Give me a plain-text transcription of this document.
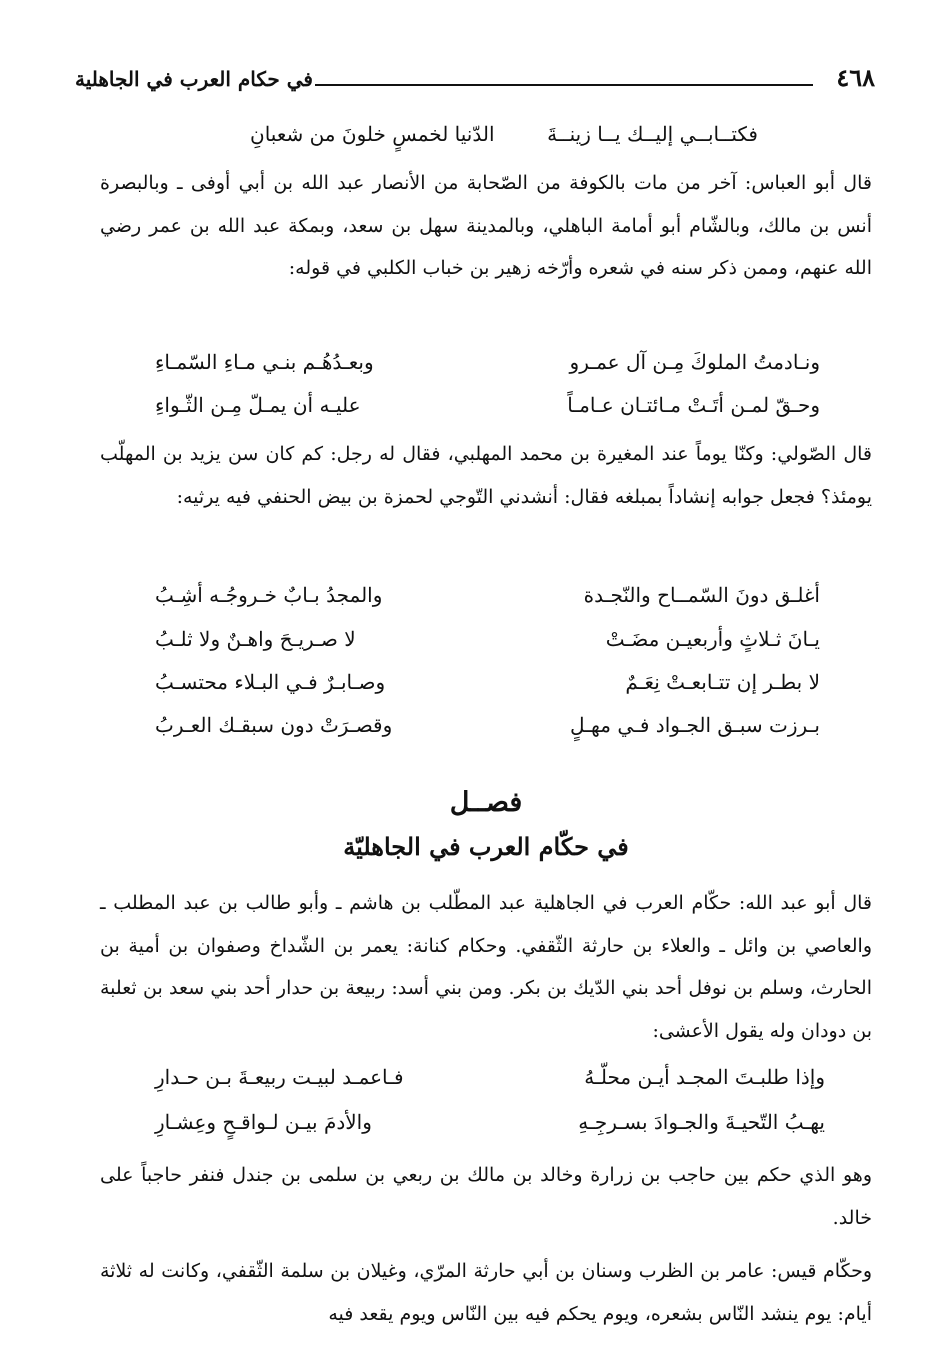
٤٦٨
في حكام العرب في الجاهلية
فكتــابــي إليــك يــا زينــةَ
الدّنيا لخمسٍ خلونَ من شعبانِ

قال أبو العباس: آخر من مات بالكوفة من الصّحابة من الأنصار عبد الله بن أبي أوفى ـ وبالبصرة أنس بن مالك، وبالشّام أبو أمامة الباهلي، وبالمدينة سهل بن سعد، وبمكة عبد الله بن عمر رضي الله عنهم، وممن ذكر سنه في شعره وأرّخه زهير بن خباب الكلبي في قوله:

ونـادمتُ الملوكَ مِـن آل عمـرو
وبعـدُهُـم بنـي مـاءِ السّمـاءِ
وحـقّ لمـن أتَـتْ مـائتـان عـامـاً
عليـه أن يمـلّ مِـن الثّـواءِ

قال الصّولي: وكنّا يوماً عند المغيرة بن محمد المهلبي، فقال له رجل: كم كان سن يزيد بن المهلّب يومئذ؟ فجعل جوابه إنشاداً بمبلغه فقال: أنشدني التّوجي لحمزة بن بيض الحنفي فيه يرثيه:

أغلـق دونَ السّمــاح والنّجـدة
والمجدُ بـابٌ خـروجُـه أشِـبُ
يـانَ ثـلاثٍ وأربعيـن مضَـتْ
لا صـريـحَ واهـنٌ ولا ثلـبُ
لا بطـر إن تتـابعـتْ نِعَـمٌ
وصـابـرٌ فـي البـلاء محتسـبُ
بـرزت سبـق الجـواد فـي مهـلٍ
وقصـرَتْ دون سبقـك العـربُ
فصــل
في حكّام العرب في الجاهليّة

قال أبو عبد الله: حكّام العرب في الجاهلية عبد المطّلب بن هاشم ـ وأبو طالب بن عبد المطلب ـ والعاصي بن وائل ـ والعلاء بن حارثة الثّقفي. وحكام كنانة: يعمر بن الشّداخ وصفوان بن أمية بن الحارث، وسلم بن نوفل أحد بني الدّيك بن بكر. ومن بني أسد: ربيعة بن حدار أحد بني سعد بن ثعلبة بن دودان وله يقول الأعشى:

وإذا طلبـتَ المجـد أيـن محلّـهُ
فـاعمـد لبيـت ربيعـةَ بـن حـدارِ
يهـبُ التّحيـةَ والجـوادَ بسـرجِـهِ
والأدمَ بيـن لـواقـحٍ وعِشـارِ

وهو الذي حكم بين حاجب بن زرارة وخالد بن مالك بن ربعي بن سلمى بن جندل فنفر حاجباً على خالد.

وحكّام قيس: عامر بن الظرب وسنان بن أبي حارثة المرّي، وغيلان بن سلمة الثّقفي، وكانت له ثلاثة أيام: يوم ينشد النّاس بشعره، ويوم يحكم فيه بين النّاس ويوم يقعد فيه
